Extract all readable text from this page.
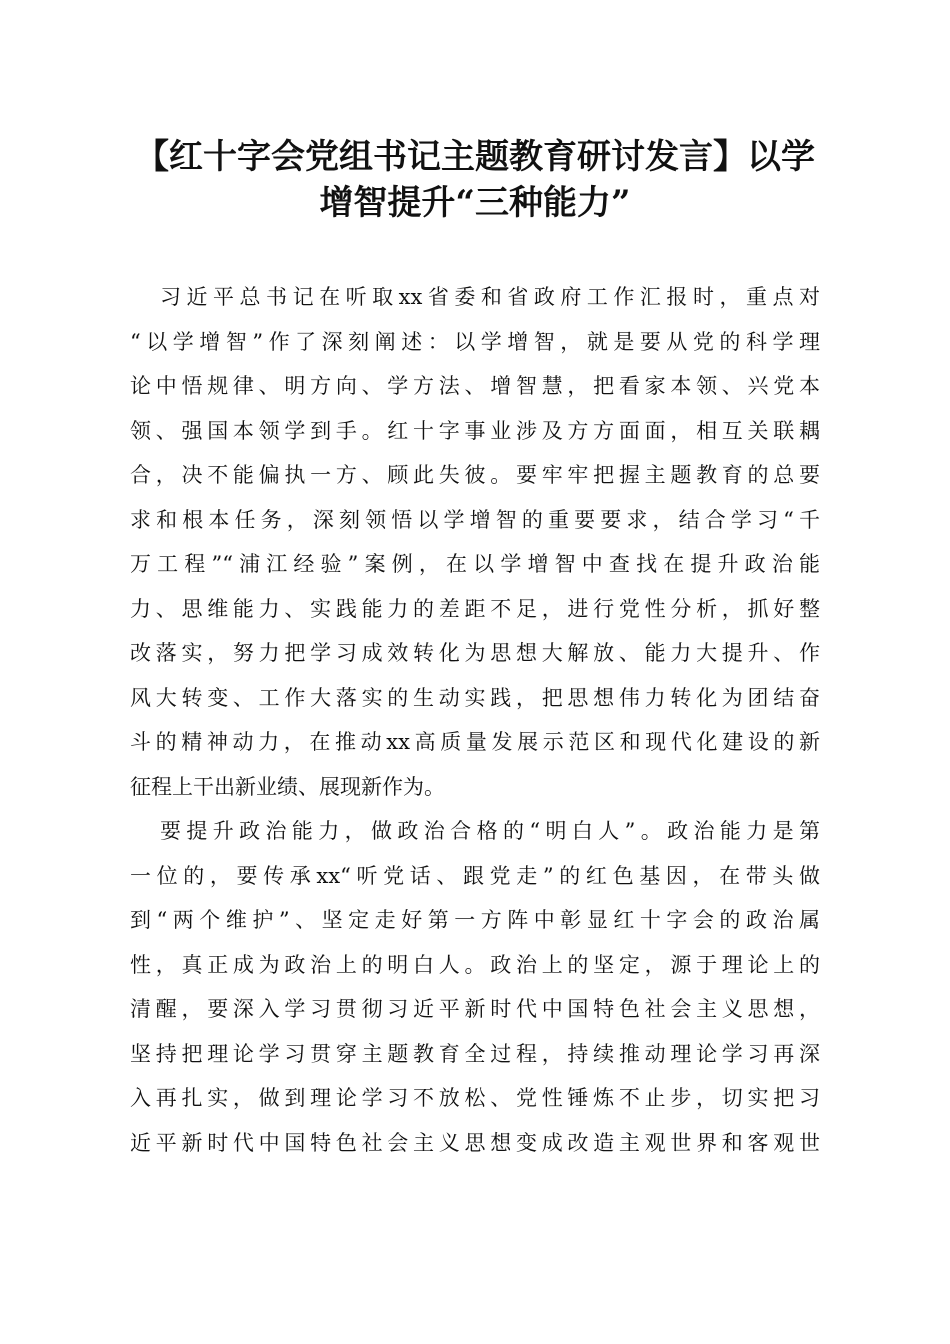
【红十字会党组书记主题教育研讨发言】以学
增智提升“三种能力”
习近平总书记在听取xx省委和省政府工作汇报时，重点对
“以学增智”作了深刻阐述：以学增智，就是要从党的科学理
论中悟规律、明方向、学方法、增智慧，把看家本领、兴党本
领、强国本领学到手。红十字事业涉及方方面面，相互关联耦
合，决不能偏执一方、顾此失彼。要牢牢把握主题教育的总要
求和根本任务，深刻领悟以学增智的重要要求，结合学习“千
万工程”“浦江经验”案例，在以学增智中查找在提升政治能
力、思维能力、实践能力的差距不足，进行党性分析，抓好整
改落实，努力把学习成效转化为思想大解放、能力大提升、作
风大转变、工作大落实的生动实践，把思想伟力转化为团结奋
斗的精神动力，在推动xx高质量发展示范区和现代化建设的新
征程上干出新业绩、展现新作为。
要提升政治能力，做政治合格的“明白人”。政治能力是第
一位的，要传承xx“听党话、跟党走”的红色基因，在带头做
到“两个维护”、坚定走好第一方阵中彰显红十字会的政治属
性，真正成为政治上的明白人。政治上的坚定，源于理论上的
清醒，要深入学习贯彻习近平新时代中国特色社会主义思想，
坚持把理论学习贯穿主题教育全过程，持续推动理论学习再深
入再扎实，做到理论学习不放松、党性锤炼不止步，切实把习
近平新时代中国特色社会主义思想变成改造主观世界和客观世
